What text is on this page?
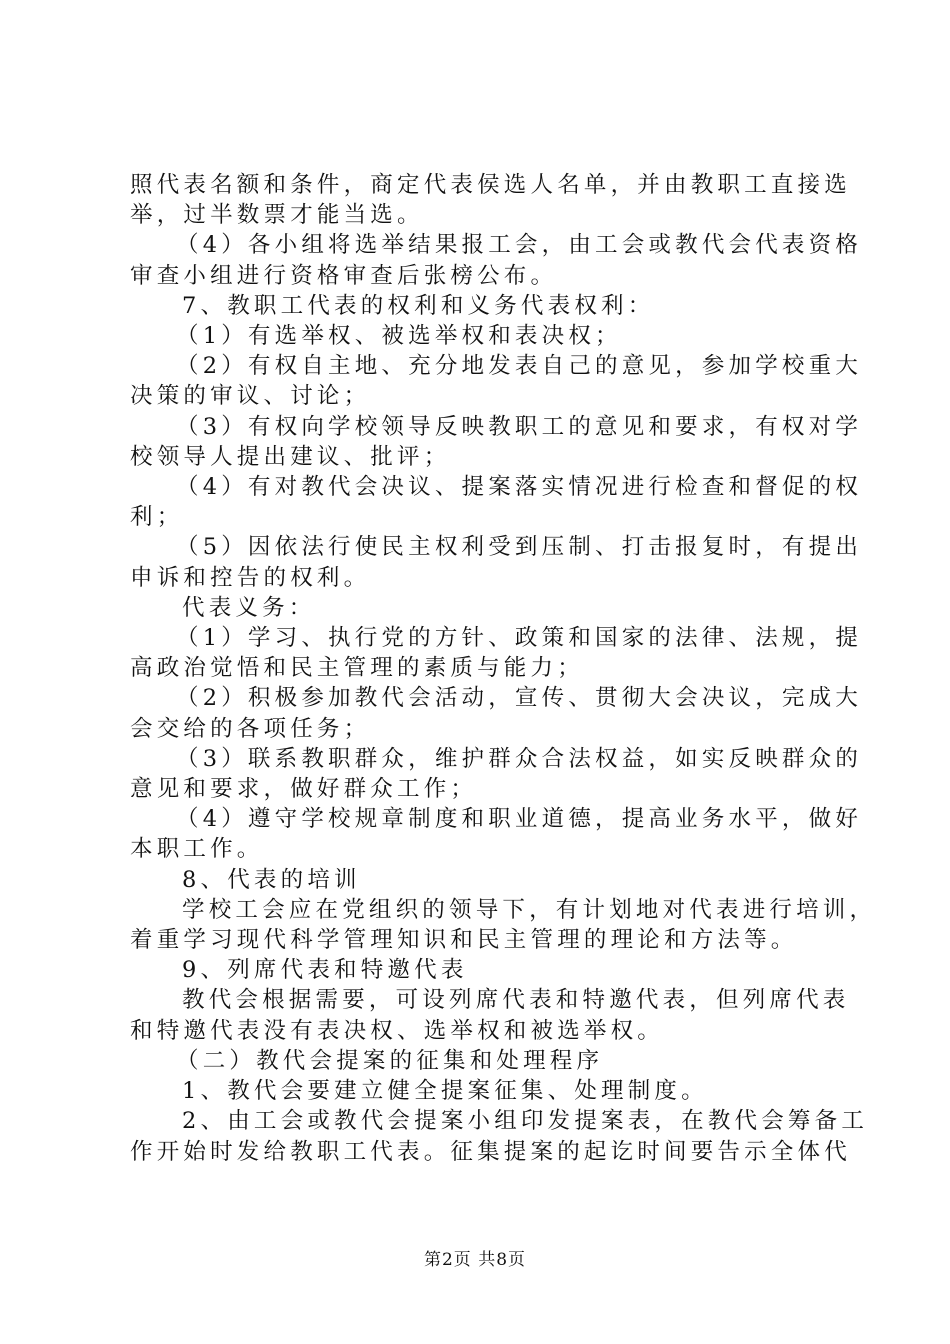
照代表名额和条件，商定代表侯选人名单，并由教职工直接选
举，过半数票才能当选。

（4）各小组将选举结果报工会，由工会或教代会代表资格
审查小组进行资格审查后张榜公布。

7、教职工代表的权利和义务代表权利：

（1）有选举权、被选举权和表决权；

（2）有权自主地、充分地发表自己的意见，参加学校重大
决策的审议、讨论；

（3）有权向学校领导反映教职工的意见和要求，有权对学
校领导人提出建议、批评；

（4）有对教代会决议、提案落实情况进行检查和督促的权
利；

（5）因依法行使民主权利受到压制、打击报复时，有提出
申诉和控告的权利。

代表义务：

（1）学习、执行党的方针、政策和国家的法律、法规，提
高政治觉悟和民主管理的素质与能力；

（2）积极参加教代会活动，宣传、贯彻大会决议，完成大
会交给的各项任务；

（3）联系教职群众，维护群众合法权益，如实反映群众的
意见和要求，做好群众工作；

（4）遵守学校规章制度和职业道德，提高业务水平，做好
本职工作。

8、代表的培训

学校工会应在党组织的领导下，有计划地对代表进行培训，
着重学习现代科学管理知识和民主管理的理论和方法等。

9、列席代表和特邀代表

教代会根据需要，可设列席代表和特邀代表，但列席代表
和特邀代表没有表决权、选举权和被选举权。

（二）教代会提案的征集和处理程序

1、教代会要建立健全提案征集、处理制度。

2、由工会或教代会提案小组印发提案表，在教代会筹备工
作开始时发给教职工代表。征集提案的起讫时间要告示全体代

第2页 共8页
